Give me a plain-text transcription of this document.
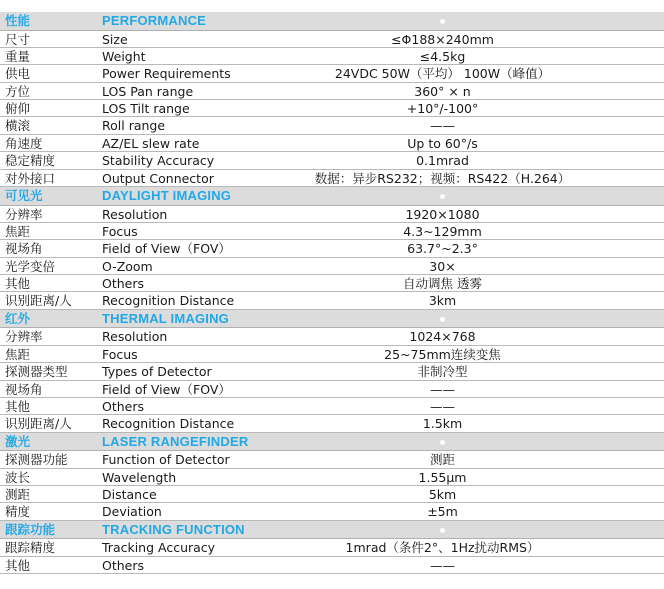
性能	PERFORMANCE
尺寸	Size	≤Φ188×240mm
重量	Weight	≤4.5kg
供电	Power Requirements	24VDC 50W（平均） 100W（峰值）
方位	LOS Pan range	360° × n
俯仰	LOS Tilt range	+10°/-100°
横滚	Roll range	——
角速度	AZ/EL slew rate	Up to 60°/s
稳定精度	Stability Accuracy	0.1mrad
对外接口	Output Connector	数据：异步RS232；视频：RS422（H.264）
可见光	DAYLIGHT IMAGING
分辨率	Resolution	1920×1080
焦距	Focus	4.3~129mm
视场角	Field of View（FOV）	63.7°~2.3°
光学变倍	O-Zoom	30×
其他	Others	自动调焦 透雾
识别距离/人 Recognition Distance	3km
红外	THERMAL IMAGING
分辨率	Resolution	1024×768
焦距	Focus	25~75mm连续变焦
探测器类型	Types of Detector	非制冷型
视场角	Field of View（FOV）	——
其他	Others	——
识别距离/人 Recognition Distance	1.5km
激光	LASER RANGEFINDER
探测器功能	Function of Detector	测距
波长	Wavelength	1.55μm
测距	Distance	5km
精度	Deviation	±5m
跟踪功能	TRACKING FUNCTION
跟踪精度	Tracking Accuracy	1mrad（条件2°、1Hz扰动RMS）
其他	Others	——
